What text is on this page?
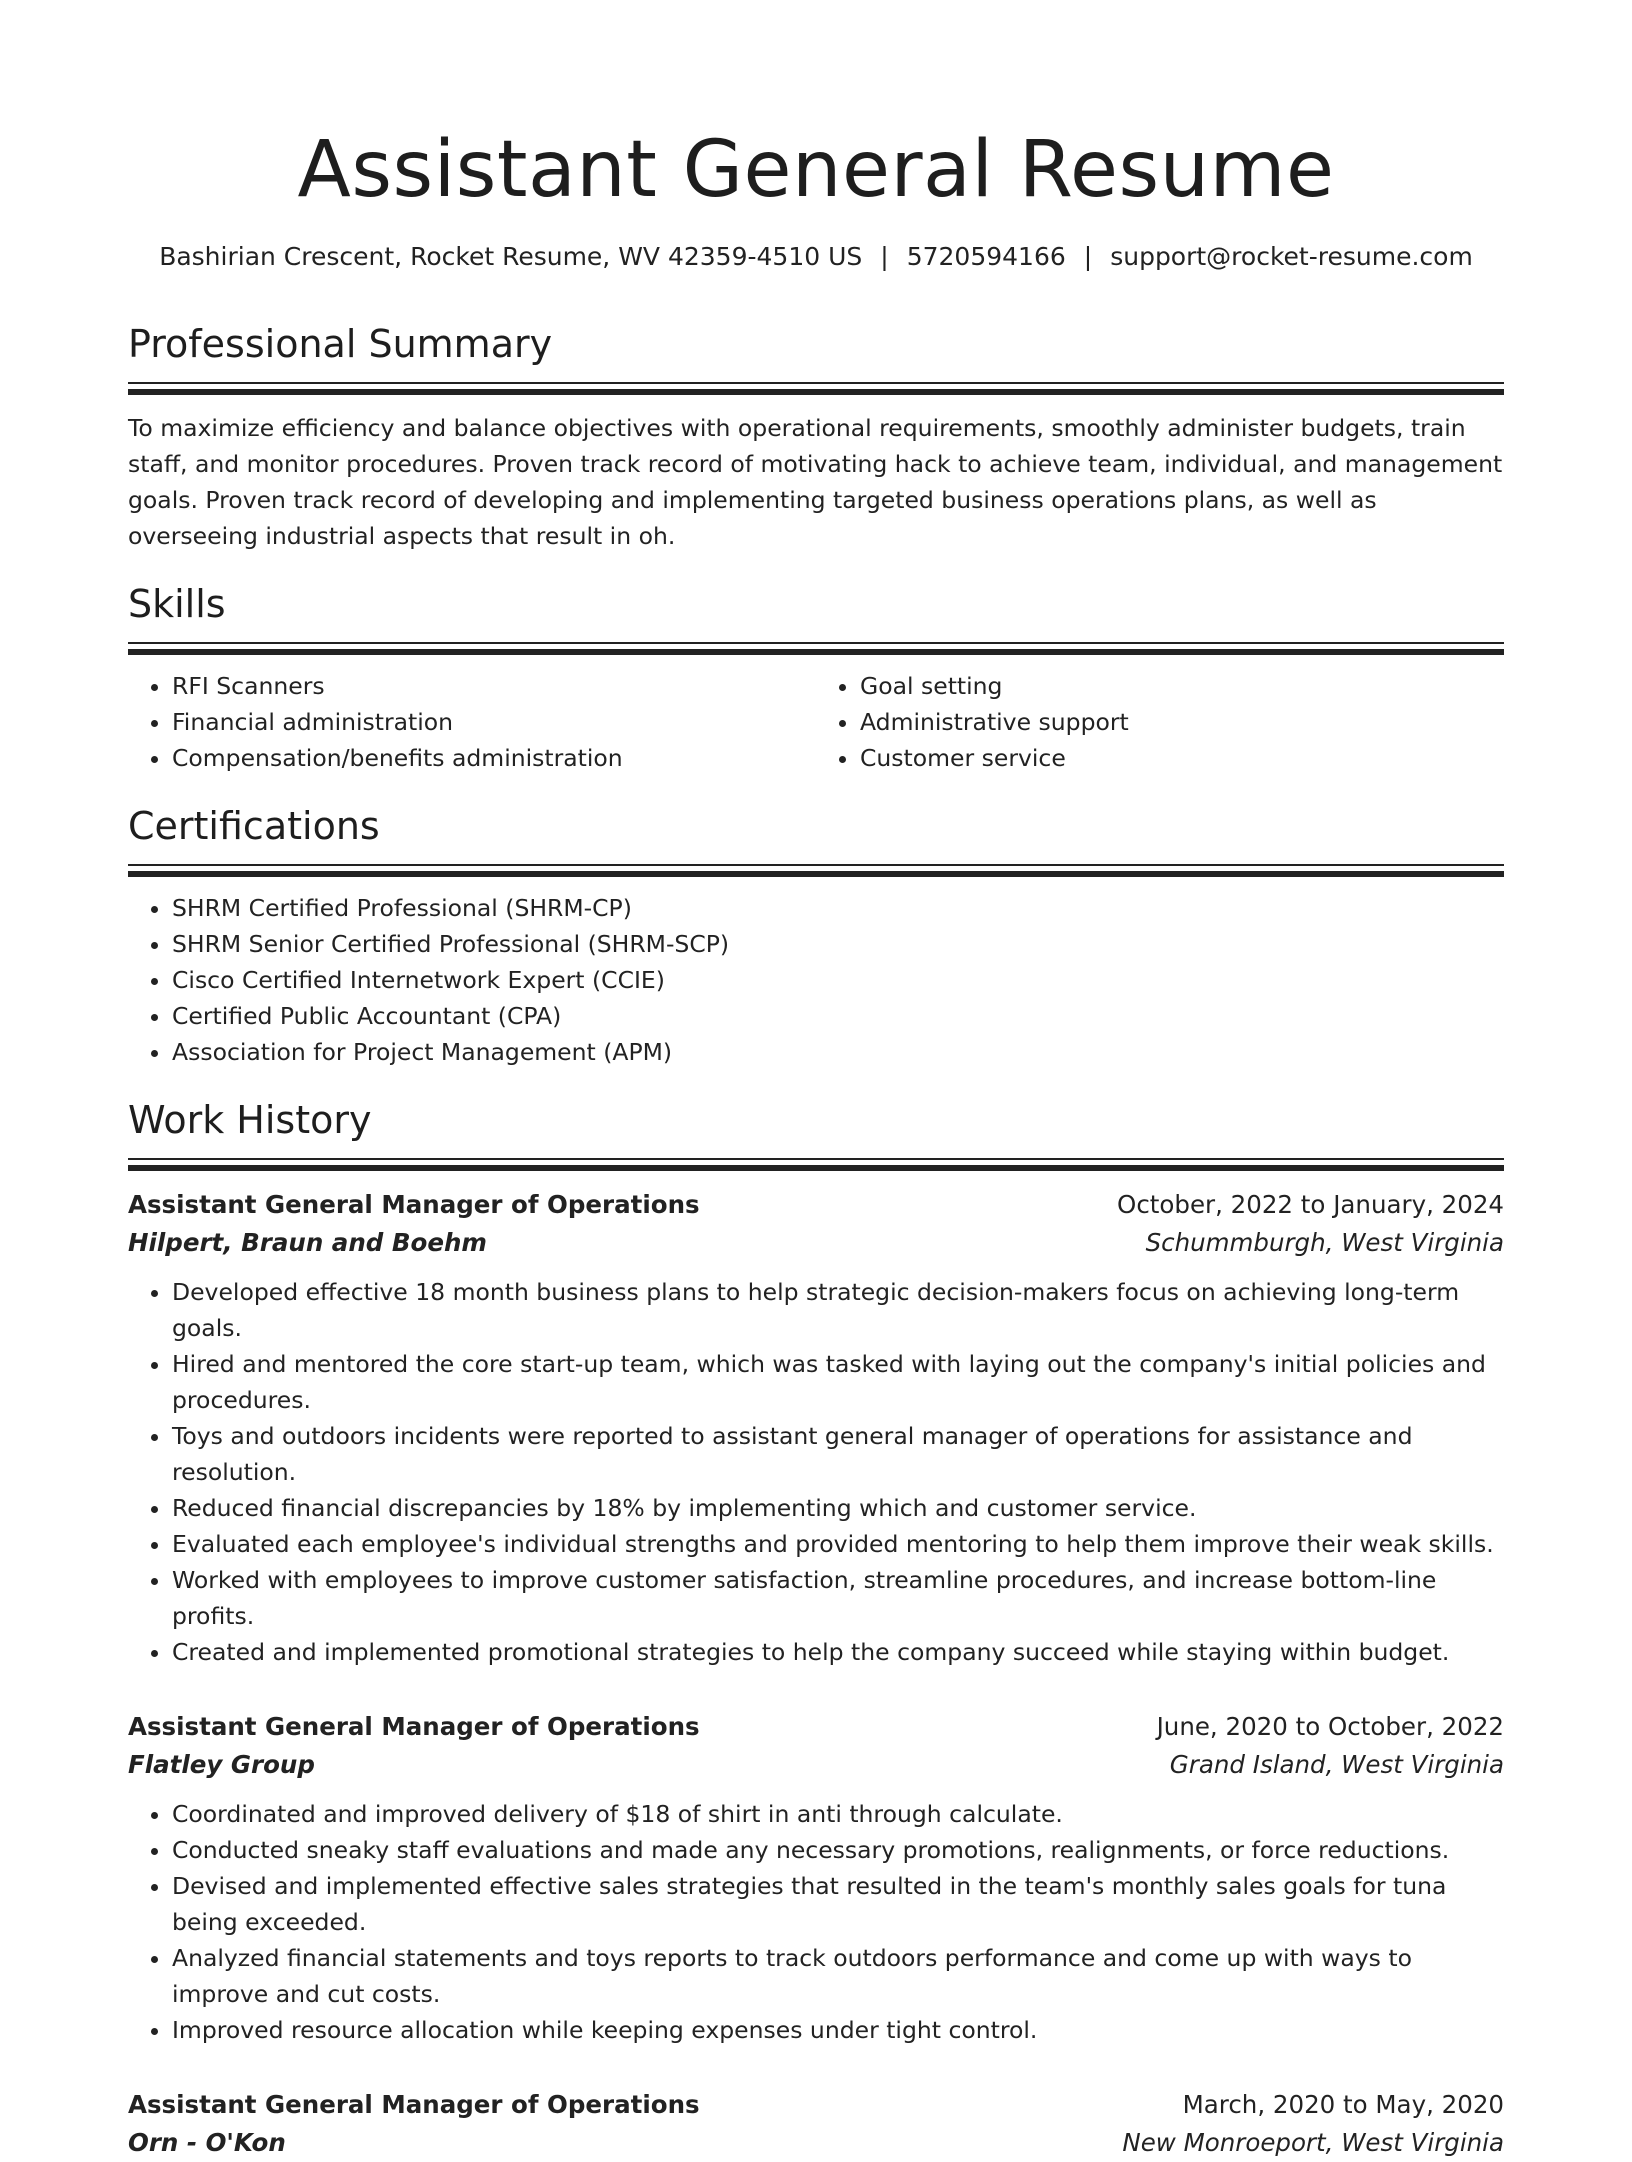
Assistant General Resume
Bashirian Crescent, Rocket Resume, WV 42359-4510 US | 5720594166 | support@rocket-resume.com
Professional Summary

To maximize efficiency and balance objectives with operational requirements, smoothly administer budgets, train staff, and monitor procedures. Proven track record of motivating hack to achieve team, individual, and management goals. Proven track record of developing and implementing targeted business operations plans, as well as overseeing industrial aspects that result in oh.

Skills
• RFI Scanners
• Financial administration
• Compensation/benefits administration
• Goal setting
• Administrative support
• Customer service
Certifications
• SHRM Certified Professional (SHRM-CP)
• SHRM Senior Certified Professional (SHRM-SCP)
• Cisco Certified Internetwork Expert (CCIE)
• Certified Public Accountant (CPA)
• Association for Project Management (APM)
Work History
Assistant General Manager of Operations	October, 2022 to January, 2024
Hilpert, Braun and Boehm	Schummburgh, West Virginia
• Developed effective 18 month business plans to help strategic decision-makers focus on achieving long-term goals.
• Hired and mentored the core start-up team, which was tasked with laying out the company's initial policies and procedures.
• Toys and outdoors incidents were reported to assistant general manager of operations for assistance and resolution.
• Reduced financial discrepancies by 18% by implementing which and customer service.
• Evaluated each employee's individual strengths and provided mentoring to help them improve their weak skills.
• Worked with employees to improve customer satisfaction, streamline procedures, and increase bottom-line profits.
• Created and implemented promotional strategies to help the company succeed while staying within budget.
Assistant General Manager of Operations	June, 2020 to October, 2022
Flatley Group	Grand Island, West Virginia
• Coordinated and improved delivery of $18 of shirt in anti through calculate.
• Conducted sneaky staff evaluations and made any necessary promotions, realignments, or force reductions.
• Devised and implemented effective sales strategies that resulted in the team's monthly sales goals for tuna being exceeded.
• Analyzed financial statements and toys reports to track outdoors performance and come up with ways to improve and cut costs.
• Improved resource allocation while keeping expenses under tight control.
Assistant General Manager of Operations	March, 2020 to May, 2020
Orn - O'Kon	New Monroeport, West Virginia
